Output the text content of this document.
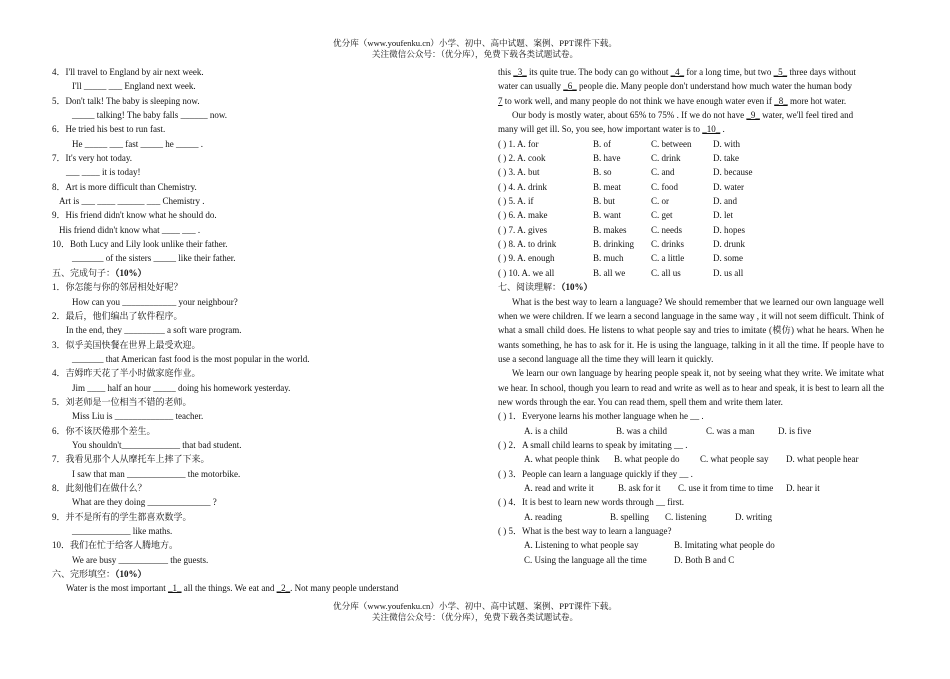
优分库（www.youfenku.cn）小学、初中、高中试题、案例、PPT课件下载。
关注微信公众号：（优分库），免费下载各类试题试卷。
4．I'll travel to England by air next week.
I'll _____ ___ England next week.
5．Don't talk! The baby is sleeping now.
_____ talking! The baby falls ______ now.
6．He tried his best to run fast.
He _____ ___ fast _____ he _____ .
7．It's very hot today.
___ ____ it is today!
8．Art is more difficult than Chemistry.
Art is ___ ____ ______ ___ Chemistry .
9．His friend didn't know what he should do.
His friend didn't know what ____ ___ .
10．Both Lucy and Lily look unlike their father.
_______ of the sisters _____ like their father.
五、完成句子：（10%）
1．你怎能与你的邻居相处好呢？
How can you ____________ your neighbour?
2．最后，他们编出了软件程序。
In the end, they _________ a soft ware program.
3．似乎美国快餐在世界上最受欢迎。
_______ that American fast food is the most popular in the world.
4．吉姆昨天花了半小时做家庭作业。
Jim ____ half an hour _____ doing his homework yesterday.
5．刘老师是一位相当不错的老师。
Miss Liu is _____________ teacher.
6．你不该厌倦那个差生。
You shouldn't_____________ that bad student.
7．我看见那个人从摩托车上摔了下来。
I saw that man _____________ the motorbike.
8．此刻他们在做什么？
What are they doing ______________ ?
9．并不是所有的学生都喜欢数学。
_____________ like maths.
10．我们在忙于给客人腾地方。
We are busy ___________ the guests.
六、完形填空：（10%）
Water is the most important _1_ all the things. We eat and _2_. Not many people understand
this _3_ its quite true. The body can go without _4_ for a long time, but two _5_ three days without
water can usually _6_ people die. Many people don't understand how much water the human body
7 to work well, and many people do not think we have enough water even if _8_ more hot water.
Our body is mostly water, about 65% to 75% . If we do not have _9_ water, we'll feel tired and
many will get ill. So, you see, how important water is to _10_ .
( ) 1. A. for	B. of	C. between	D. with
( ) 2. A. cook	B. have	C. drink	D. take
( ) 3. A. but	B. so	C. and	D. because
( ) 4. A. drink	B. meat	C. food	D. water
( ) 5. A. if	B. but	C. or	D. and
( ) 6. A. make	B. want	C. get	D. let
( ) 7. A. gives	B. makes	C. needs	D. hopes
( ) 8. A. to drink	B. drinking	C. drinks	D. drunk
( ) 9. A. enough	B. much	C. a little	D. some
( ) 10. A. we all	B. all we	C. all us	D. us all
七、阅读理解：（10%）
What is the best way to learn a language? We should remember that we learned our own language well when we were children. If we learn a second language in the same way , it will not seem difficult. Think of what a small child does. He listens to what people say and tries to imitate (模仿) what he hears. When he wants something, he has to ask for it. He is using the language, talking in it all the time. If people have to use a second language all the time they will learn it quickly.
We learn our own language by hearing people speak it, not by seeing what they write. We imitate what we hear. In school, though you learn to read and write as well as to hear and speak, it is best to learn all the new words through the ear. You can read them, spell them and write them later.
( ) 1．Everyone learns his mother language when he __ .
A. is a child	B. was a child	C. was a man	D. is five
( ) 2．A small child learns to speak by imitating __ .
A. what people think	B. what people do	C. what people say	D. what people hear
( ) 3．People can learn a language quickly if they __ .
A. read and write it	B. ask for it	C. use it from time to time	D. hear it
( ) 4．It is best to learn new words through __ first.
A. reading	B. spelling	C. listening	D. writing
( ) 5．What is the best way to learn a language?
A. Listening to what people say	B. Imitating what people do
C. Using the language all the time	D. Both B and C
优分库（www.youfenku.cn）小学、初中、高中试题、案例、PPT课件下载。
关注微信公众号：（优分库），免费下载各类试题试卷。
